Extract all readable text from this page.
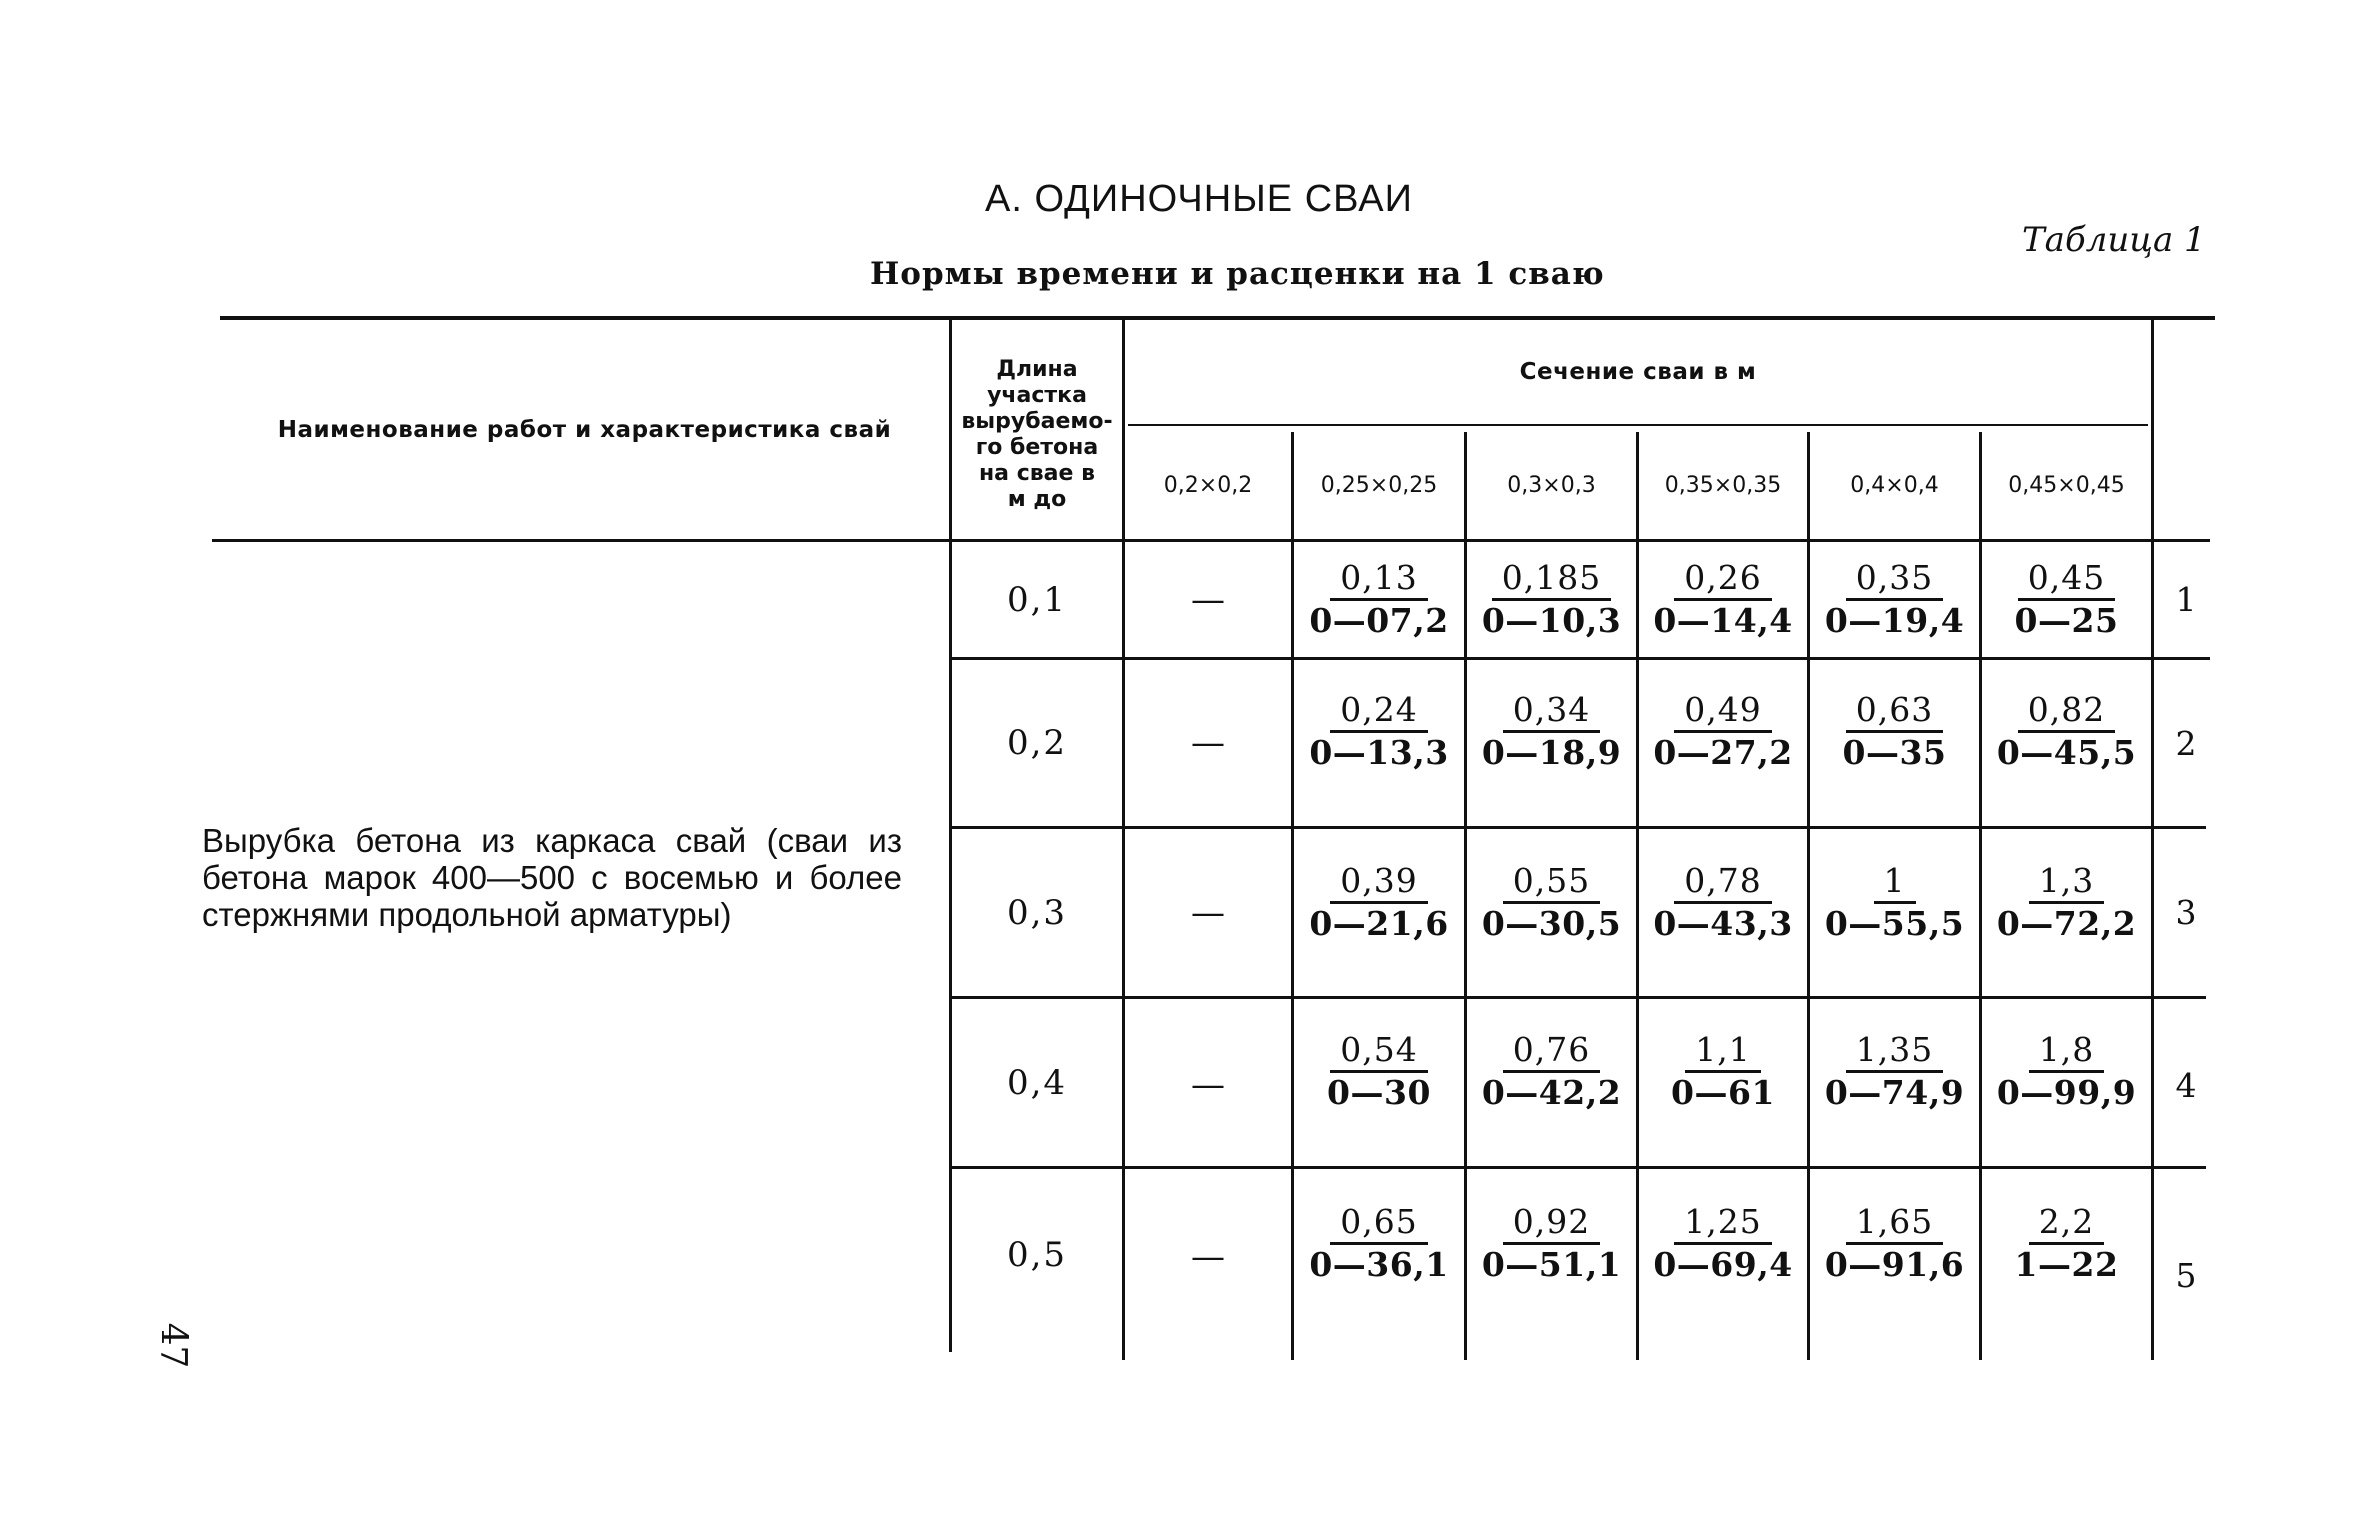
А. ОДИНОЧНЫЕ СВАИ
Таблица 1
Нормы времени и расценки на 1 сваю
47
Наименование работ и характеристика свай
Длина
участка
вырубаемо-
го бетона
на свае в
м до
Сечение сваи в м
0,2×0,2	0,25×0,25	0,3×0,3	0,35×0,35	0,4×0,4	0,45×0,45
Вырубка бетона из каркаса свай (сваи из бетона марок 400—500 с восемью и более стержнями продольной арматуры)
0,1	—	$\frac{0,13}{0—07,2} \frac{0,185}{0—10,3} \frac{0,26}{0—14,4} \frac{0,35}{0—19,4} \frac{0,45}{0—25}$	1
0,2	—	$\frac{0,24}{0—13,3} \frac{0,34}{0—18,9} \frac{0,49}{0—27,2} \frac{0,63}{0—35} \frac{0,82}{0—45,5}$	2
0,3	—	$\frac{0,39}{0—21,6} \frac{0,55}{0—30,5} \frac{0,78}{0—43,3} \frac{1}{0—55,5} \frac{1,3}{0—72,2}$	3
0,4	—	$\frac{0,54}{0—30} \frac{0,76}{0—42,2} \frac{1,1}{0—61} \frac{1,35}{0—74,9} \frac{1,8}{0—99,9}$	4
0,5	—	$\frac{0,65}{0—36,1} \frac{0,92}{0—51,1} \frac{1,25}{0—69,4} \frac{1,65}{0—91,6} \frac{2,2}{1—22}$	5
